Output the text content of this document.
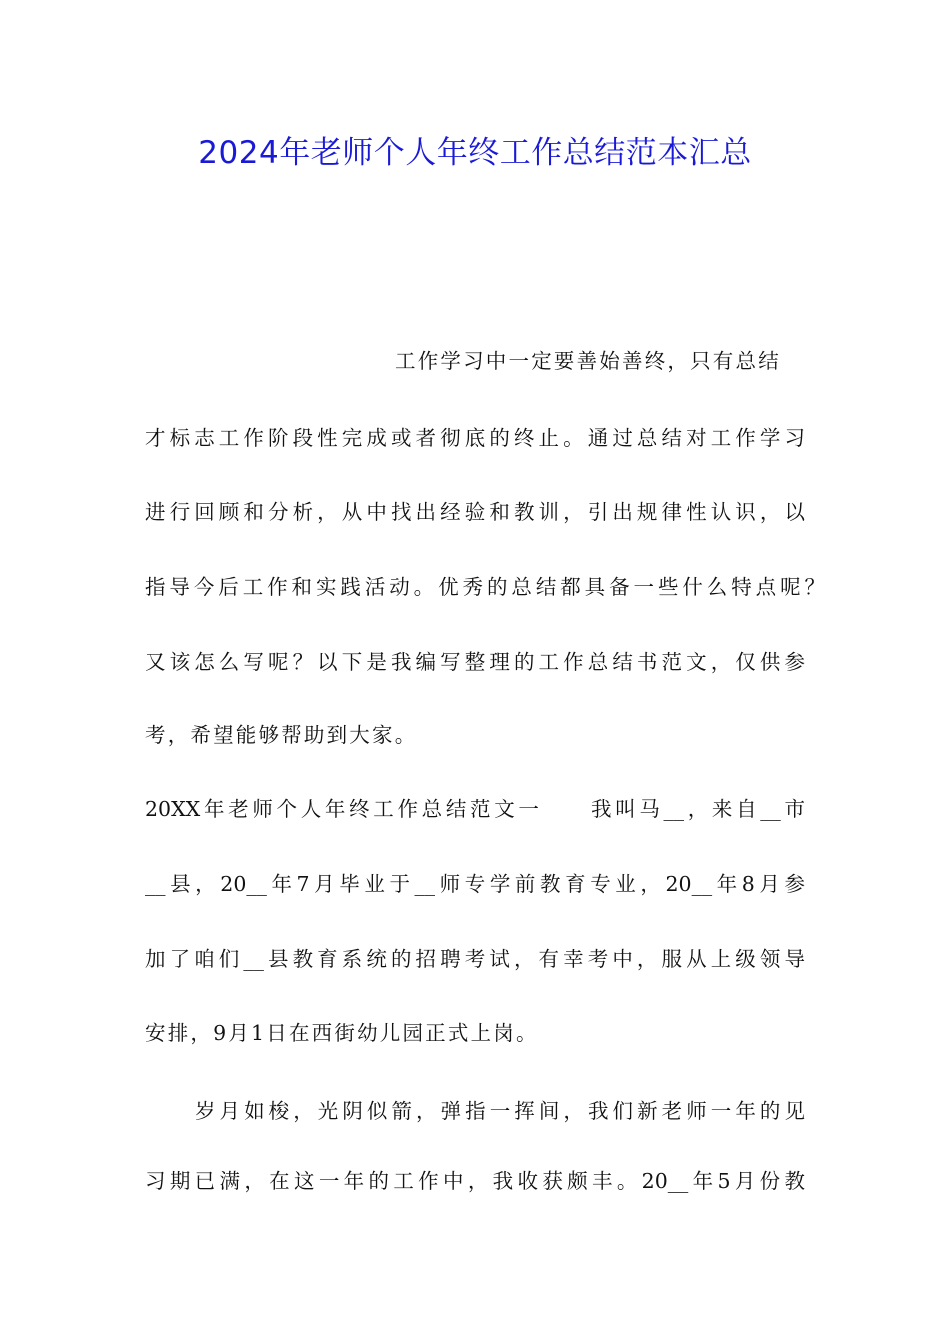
2024年老师个人年终工作总结范本汇总
工作学习中一定要善始善终，只有总结
才标志工作阶段性完成或者彻底的终止。通过总结对工作学习
进行回顾和分析，从中找出经验和教训，引出规律性认识，以
指导今后工作和实践活动。优秀的总结都具备一些什么特点呢？
又该怎么写呢？以下是我编写整理的工作总结书范文，仅供参
考，希望能够帮助到大家。
20XX年老师个人年终工作总结范文一　　我叫马__，来自__市
__县，20__年7月毕业于__师专学前教育专业，20__年8月参
加了咱们__县教育系统的招聘考试，有幸考中，服从上级领导
安排，9月1日在西街幼儿园正式上岗。
岁月如梭，光阴似箭，弹指一挥间，我们新老师一年的见
习期已满，在这一年的工作中，我收获颇丰。20__年5月份教
